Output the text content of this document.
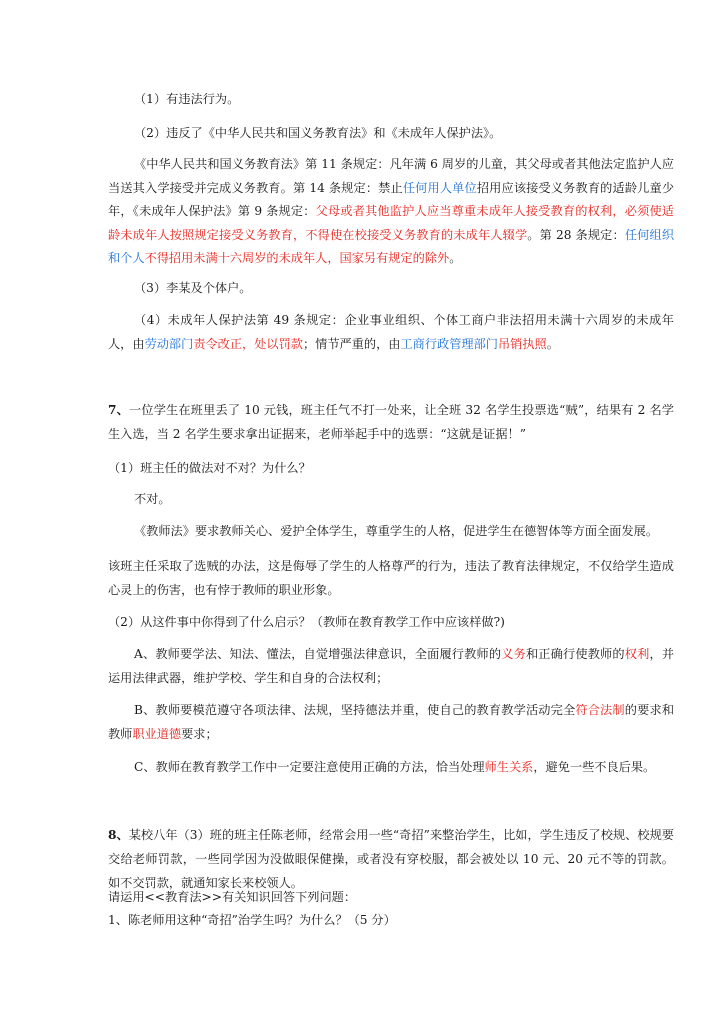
（1）有违法行为。

（2）违反了《中华人民共和国义务教育法》和《未成年人保护法》。

《中华人民共和国义务教育法》第 11 条规定：凡年满 6 周岁的儿童，其父母或者其他法定监护人应当送其入学接受并完成义务教育。第 14 条规定：禁止任何用人单位招用应该接受义务教育的适龄儿童少年，《未成年人保护法》第 9 条规定：父母或者其他监护人应当尊重未成年人接受教育的权利，必须使适龄未成年人按照规定接受义务教育，不得使在校接受义务教育的未成年人辍学。第 28 条规定：任何组织和个人不得招用未满十六周岁的未成年人，国家另有规定的除外。

（3）李某及个体户。

（4）未成年人保护法第 49 条规定：企业事业组织、个体工商户非法招用未满十六周岁的未成年人，由劳动部门责令改正，处以罚款；情节严重的，由工商行政管理部门吊销执照。

7、一位学生在班里丢了 10 元钱，班主任气不打一处来，让全班 32 名学生投票选“贼”，结果有 2 名学生入选，当 2 名学生要求拿出证据来，老师举起手中的选票：“这就是证据！”

（1）班主任的做法对不对？为什么？

不对。

《教师法》要求教师关心、爱护全体学生，尊重学生的人格，促进学生在德智体等方面全面发展。

该班主任采取了选贼的办法，这是侮辱了学生的人格尊严的行为，违法了教育法律规定，不仅给学生造成心灵上的伤害，也有悖于教师的职业形象。

（2）从这件事中你得到了什么启示？（教师在教育教学工作中应该样做?)

A、教师要学法、知法、懂法，自觉增强法律意识，全面履行教师的义务和正确行使教师的权利，并运用法律武器，维护学校、学生和自身的合法权利；

B、教师要模范遵守各项法律、法规，坚持德法并重，使自己的教育教学活动完全符合法制的要求和教师职业道德要求；

C、教师在教育教学工作中一定要注意使用正确的方法，恰当处理师生关系，避免一些不良后果。

8、某校八年（3）班的班主任陈老师，经常会用一些“奇招”来整治学生，比如，学生违反了校规、校规要交给老师罚款，一些同学因为没做眼保健操，或者没有穿校服，都会被处以 10 元、20 元不等的罚款。如不交罚款，就通知家长来校领人。

请运用<<教育法>>有关知识回答下列问题：

1、陈老师用这种“奇招”治学生吗？为什么？（5 分）
